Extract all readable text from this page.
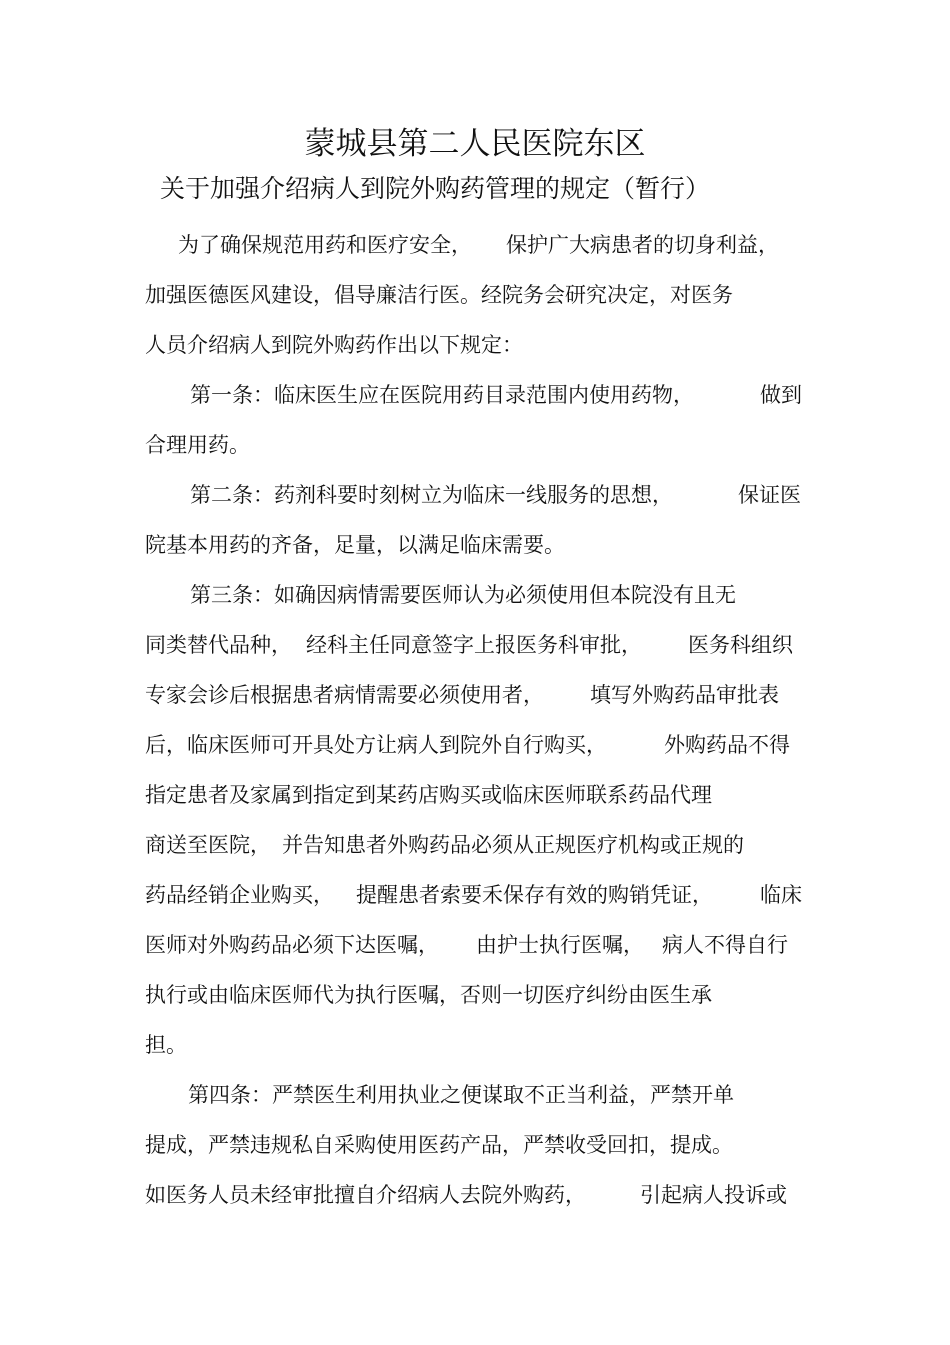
蒙城县第二人民医院东区
关于加强介绍病人到院外购药管理的规定（暂行）
为了确保规范用药和医疗安全， 保护广大病患者的切身利益，
加强医德医风建设，倡导廉洁行医。经院务会研究决定，对医务
人员介绍病人到院外购药作出以下规定：
第一条：临床医生应在医院用药目录范围内使用药物，	做到
合理用药。
第二条：药剂科要时刻树立为临床一线服务的思想，	保证医
院基本用药的齐备，足量，以满足临床需要。
第三条：如确因病情需要医师认为必须使用但本院没有且无
同类替代品种， 经科主任同意签字上报医务科审批， 医务科组织
专家会诊后根据患者病情需要必须使用者， 填写外购药品审批表
后，临床医师可开具处方让病人到院外自行购买，	外购药品不得
指定患者及家属到指定到某药店购买或临床医师联系药品代理
商送至医院， 并告知患者外购药品必须从正规医疗机构或正规的
药品经销企业购买， 提醒患者索要禾保存有效的购销凭证， 临床
医师对外购药品必须下达医嘱， 由护士执行医嘱， 病人不得自行
执行或由临床医师代为执行医嘱，否则一切医疗纠纷由医生承
担。
第四条：严禁医生利用执业之便谋取不正当利益，严禁开单
提成，严禁违规私自采购使用医药产品，严禁收受回扣，提成。
如医务人员未经审批擅自介绍病人去院外购药，	引起病人投诉或
